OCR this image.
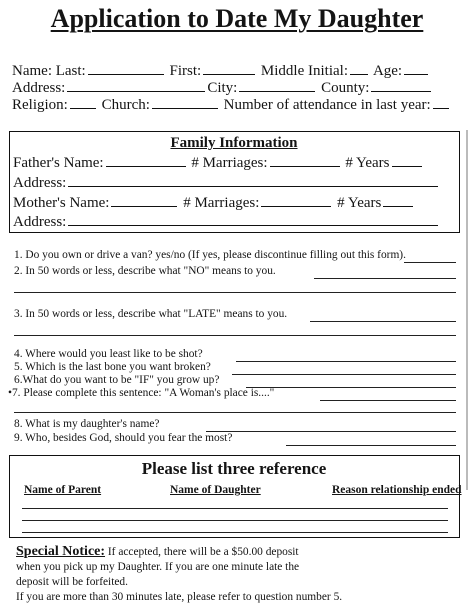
Application to Date My Daughter
Name: Last:	First:	Middle Initial: Age:
Address:	City:	County:
Religion: Church:	Number of attendance in last year:
Family Information
Father's Name:	# Marriages:	# Years
Address:
Mother's Name:	# Marriages:	# Years
Address:
1. Do you own or drive a van? yes/no (If yes, please discontinue filling out this form).
2. In 50 words or less, describe what "NO" means to you.
3. In 50 words or less, describe what "LATE" means to you.
4. Where would you least like to be shot?
5. Which is the last bone you want broken?
6.What do you want to be "IF" you grow up?
•7. Please complete this sentence: "A Woman's place is...."
8. What is my daughter's name?
9. Who, besides God, should you fear the most?
Please list three reference
Name of Parent	Name of Daughter	Reason relationship ended
Special Notice: If accepted, there will be a $50.00 deposit
when you pick up my Daughter. If you are one minute late the
deposit will be forfeited.
If you are more than 30 minutes late, please refer to question number 5.
